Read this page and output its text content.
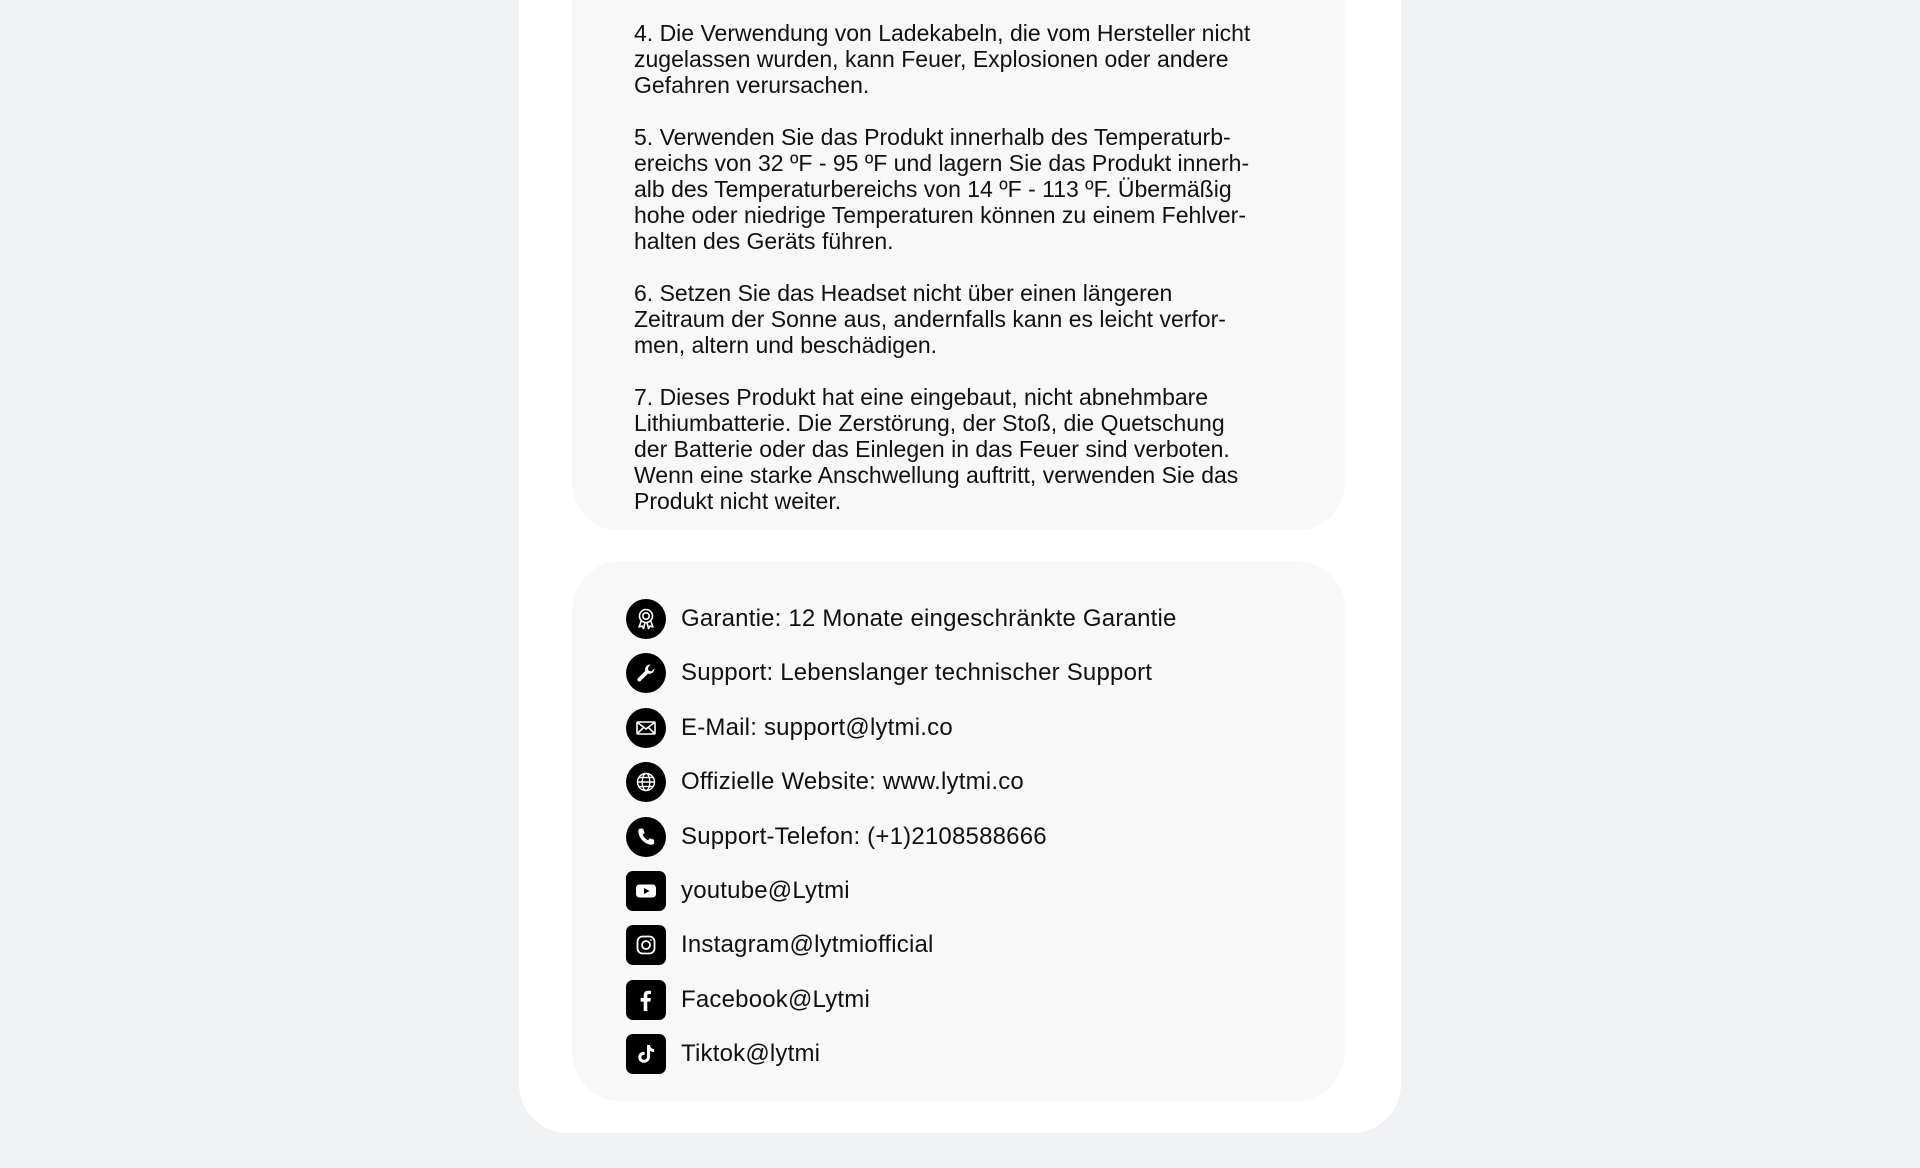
4. Die Verwendung von Ladekabeln, die vom Hersteller nicht
zugelassen wurden, kann Feuer, Explosionen oder andere
Gefahren verursachen.

5. Verwenden Sie das Produkt innerhalb des Temperaturb-
ereichs von 32 ºF - 95 ºF und lagern Sie das Produkt innerh-
alb des Temperaturbereichs von 14 ºF - 113 ºF. Übermäßig
hohe oder niedrige Temperaturen können zu einem Fehlver-
halten des Geräts führen.

6. Setzen Sie das Headset nicht über einen längeren
Zeitraum der Sonne aus, andernfalls kann es leicht verfor-
men, altern und beschädigen.

7. Dieses Produkt hat eine eingebaut, nicht abnehmbare
Lithiumbatterie. Die Zerstörung, der Stoß, die Quetschung
der Batterie oder das Einlegen in das Feuer sind verboten.
Wenn eine starke Anschwellung auftritt, verwenden Sie das
Produkt nicht weiter.

Garantie: 12 Monate eingeschränkte Garantie
Support: Lebenslanger technischer Support
E-Mail: support@lytmi.co
Offizielle Website: www.lytmi.co
Support-Telefon: (+1)2108588666
youtube@Lytmi
Instagram@lytmiofficial
Facebook@Lytmi
Tiktok@lytmi
